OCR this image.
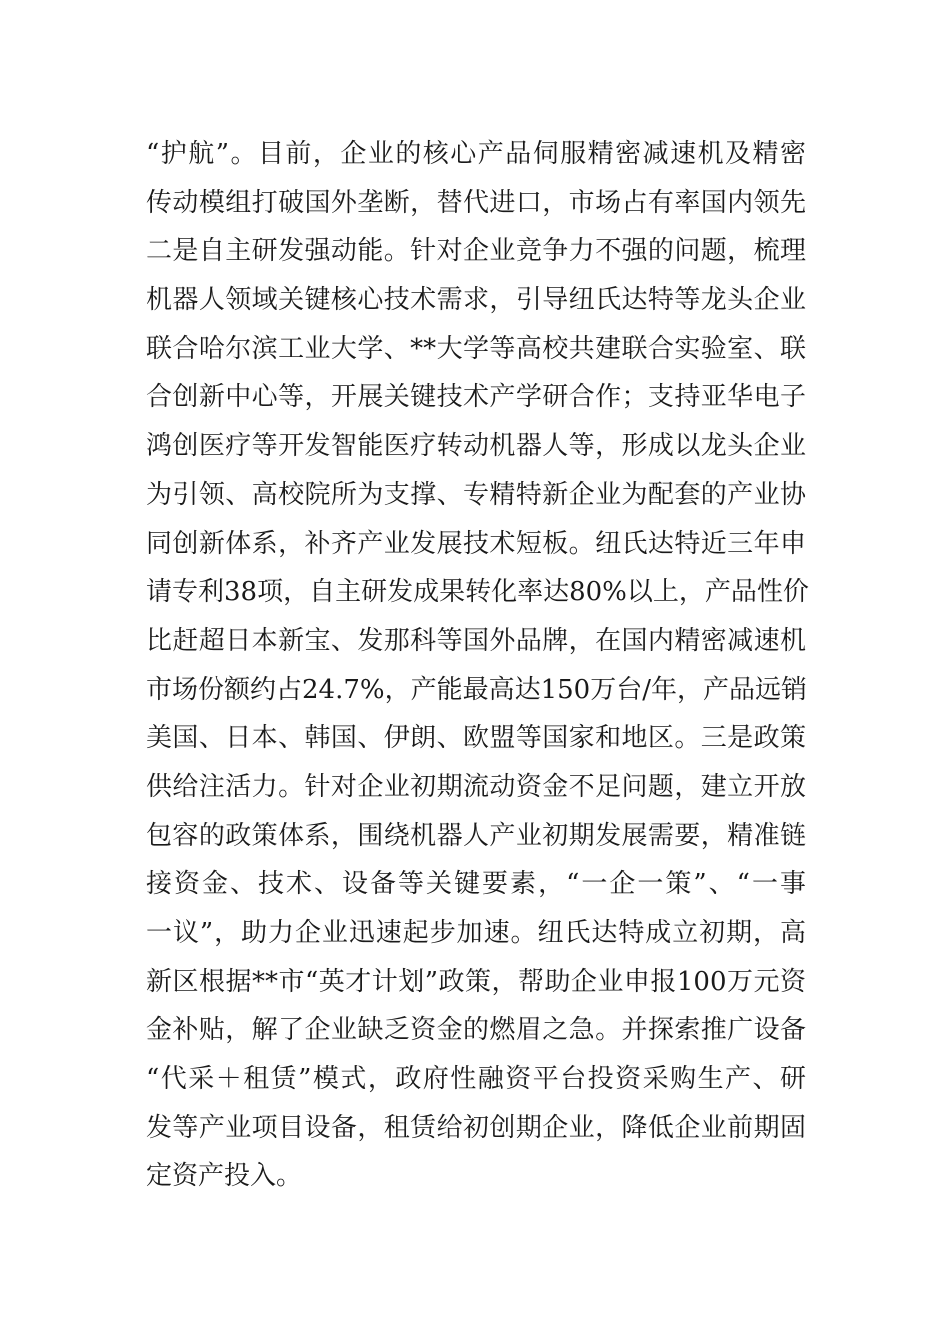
“护航”。目前，企业的核心产品伺服精密减速机及精密
传动模组打破国外垄断，替代进口，市场占有率国内领先
二是自主研发强动能。针对企业竞争力不强的问题，梳理
机器人领域关键核心技术需求，引导纽氏达特等龙头企业
联合哈尔滨工业大学、**大学等高校共建联合实验室、联
合创新中心等，开展关键技术产学研合作；支持亚华电子
鸿创医疗等开发智能医疗转动机器人等，形成以龙头企业
为引领、高校院所为支撑、专精特新企业为配套的产业协
同创新体系，补齐产业发展技术短板。纽氏达特近三年申
请专利38项，自主研发成果转化率达80%以上，产品性价
比赶超日本新宝、发那科等国外品牌，在国内精密减速机
市场份额约占24.7%，产能最高达150万台/年，产品远销
美国、日本、韩国、伊朗、欧盟等国家和地区。三是政策
供给注活力。针对企业初期流动资金不足问题，建立开放
包容的政策体系，围绕机器人产业初期发展需要，精准链
接资金、技术、设备等关键要素，“一企一策”、“一事
一议”，助力企业迅速起步加速。纽氏达特成立初期，高
新区根据**市“英才计划”政策，帮助企业申报100万元资
金补贴，解了企业缺乏资金的燃眉之急。并探索推广设备
“代采＋租赁”模式，政府性融资平台投资采购生产、研
发等产业项目设备，租赁给初创期企业，降低企业前期固
定资产投入。
